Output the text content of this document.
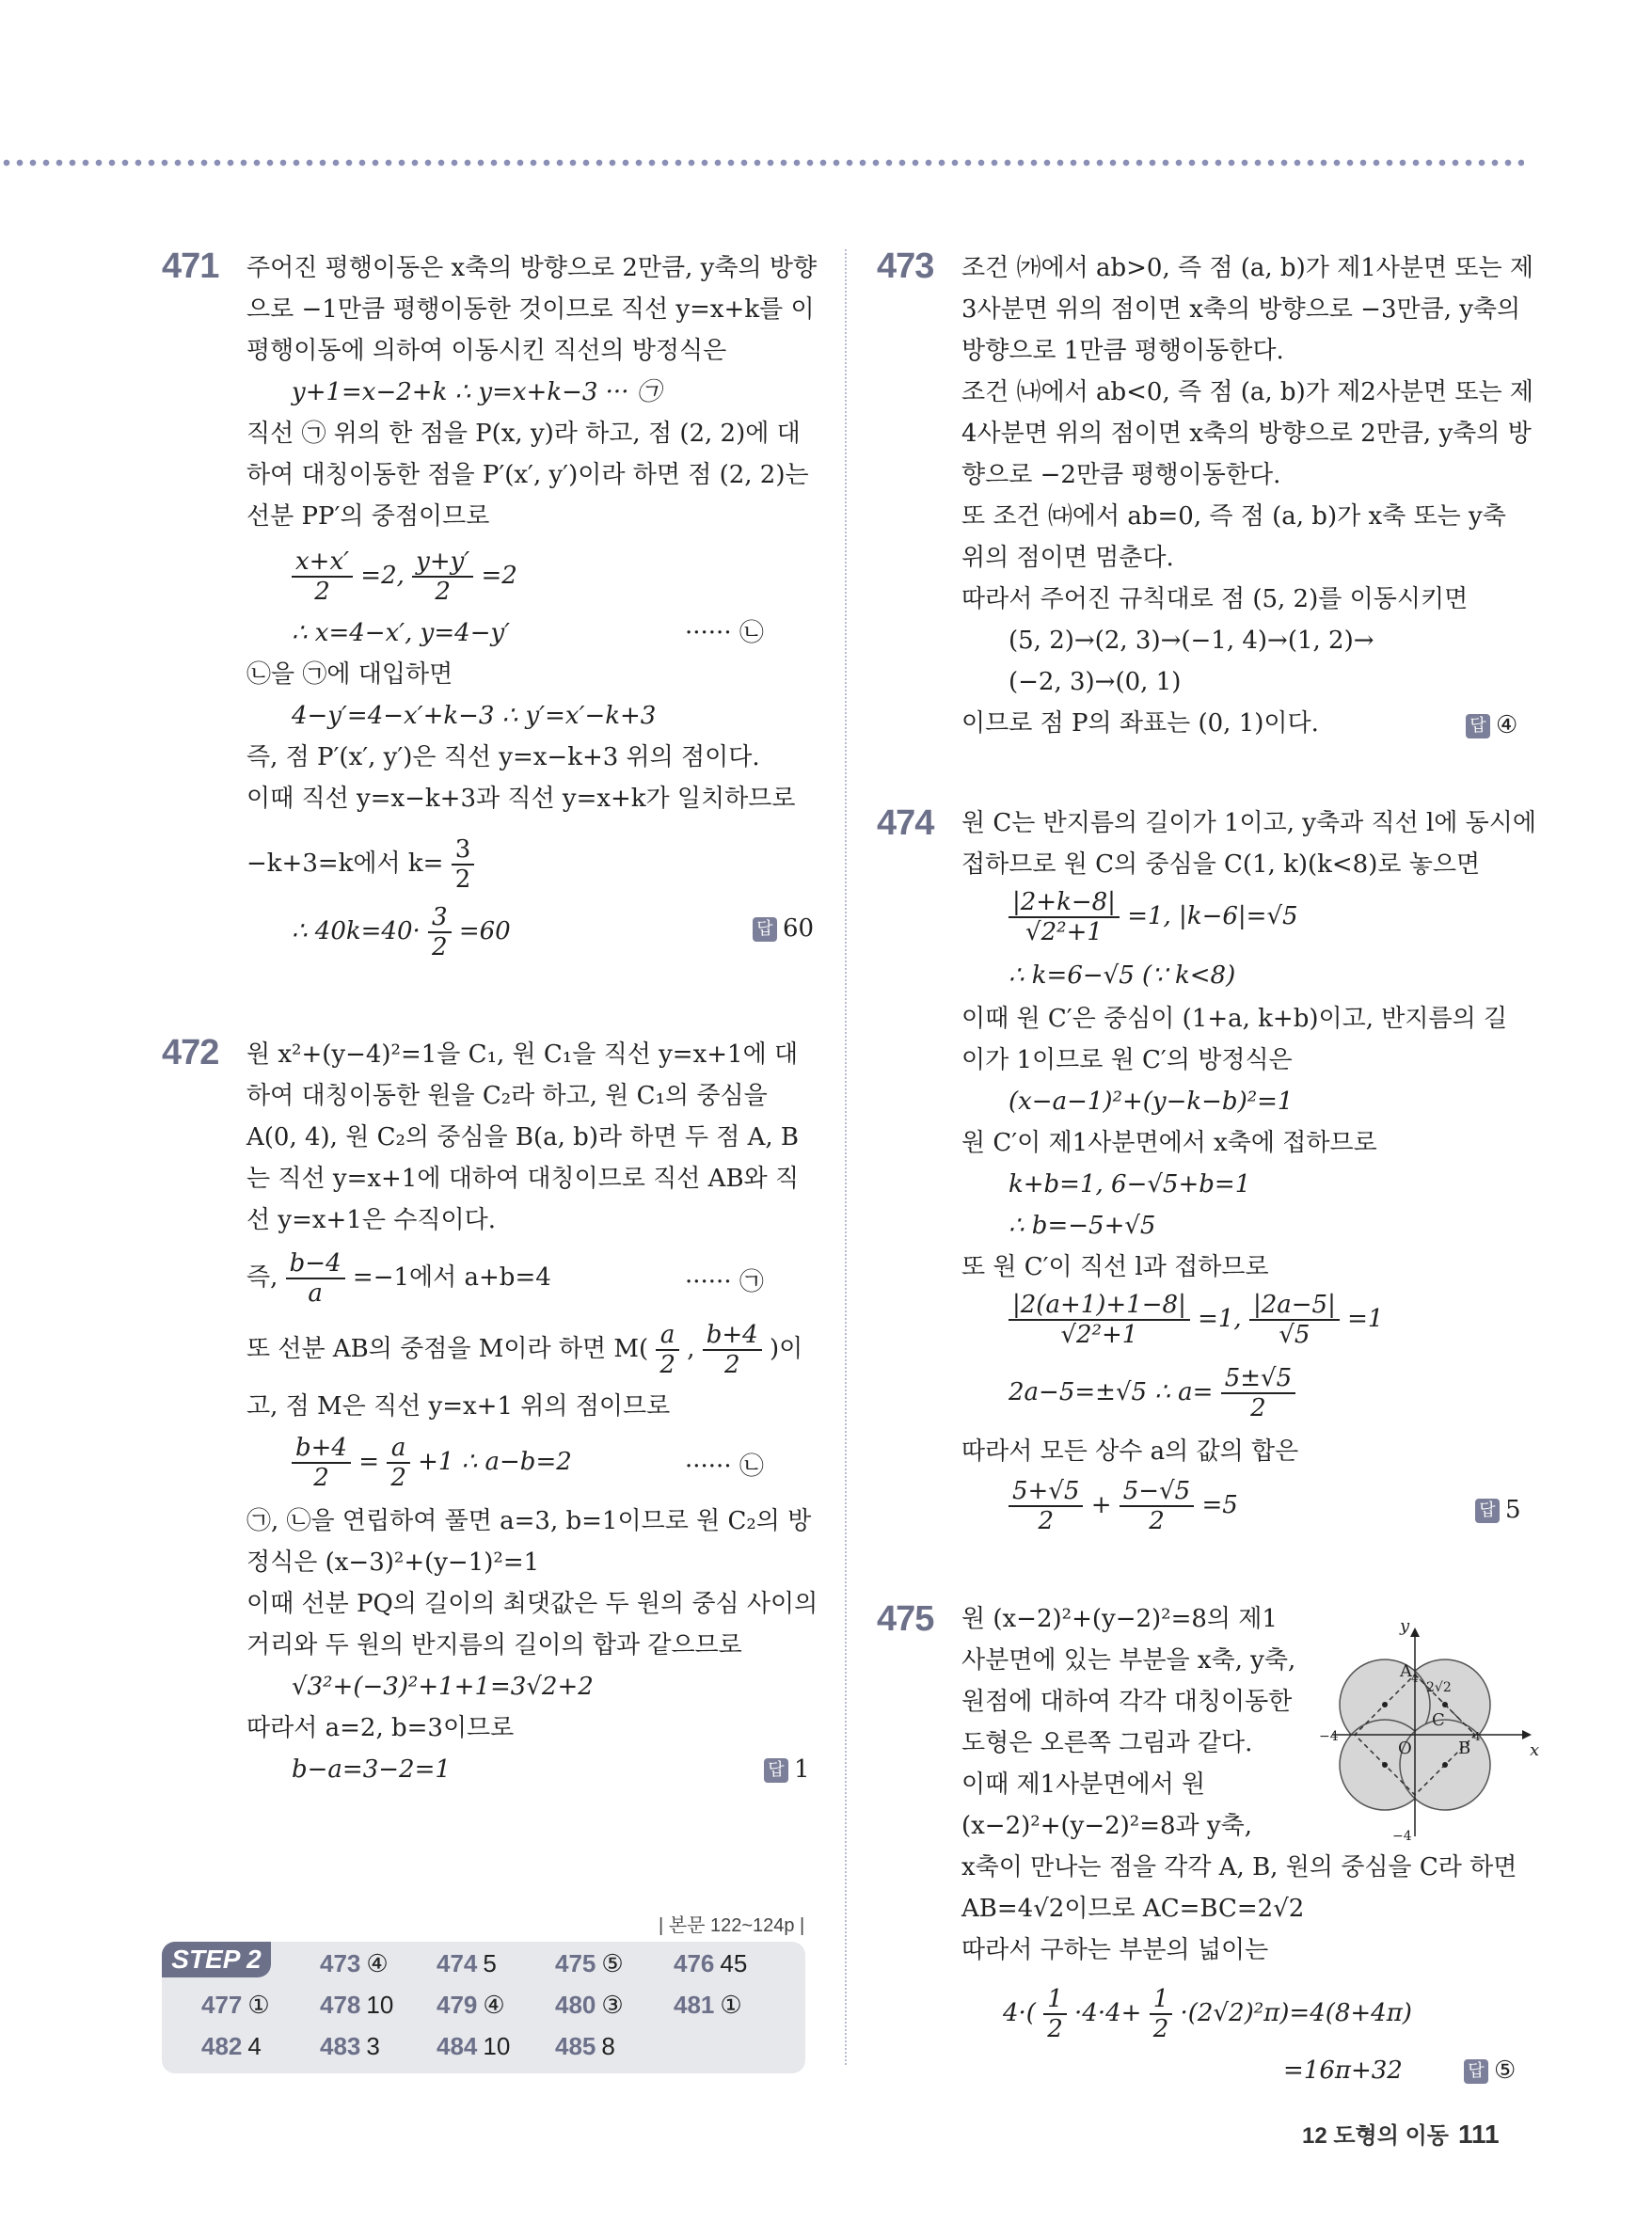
471 주어진 평행이동은 x축의 방향으로 2만큼, y축의 방향
으로 −1만큼 평행이동한 것이므로 직선 y=x+k를 이
평행이동에 의하여 이동시킨 직선의 방정식은
y+1=x−2+k ∴ y=x+k−3 ··· ㉠
직선 ㉠ 위의 한 점을 P(x, y)라 하고, 점 (2, 2)에 대
하여 대칭이동한 점을 P′(x′, y′)이라 하면 점 (2, 2)는
선분 PP′의 중점이므로
$\frac{x+x'}{2} =2$, $\frac{y+y'}{2} =2$
∴ x=4−x′, y=4−y′	······ ㉡
㉡을 ㉠에 대입하면
4−y′=4−x′+k−3 ∴ y′=x′−k+3
즉, 점 P′(x′, y′)은 직선 y=x−k+3 위의 점이다.
이때 직선 y=x−k+3과 직선 y=x+k가 일치하므로
−k+3=k에서 $k= \frac{3}{2}$
∴ $40k=40\cdot \frac{3}{2} =60$	답 60
472 원 x²+(y−4)²=1을 C₁, 원 C₁을 직선 y=x+1에 대
하여 대칭이동한 원을 C₂라 하고, 원 C₁의 중심을
A(0, 4), 원 C₂의 중심을 B(a, b)라 하면 두 점 A, B
는 직선 y=x+1에 대하여 대칭이므로 직선 AB와 직
선 y=x+1은 수직이다.
즉, $\frac{b-4}{a} =-1$에서 a+b=4	······ ㉠
또 선분 AB의 중점을 M이라 하면 $M( \frac{a}{2}$ , $\frac{b+4}{2}$ )이
고, 점 M은 직선 y=x+1 위의 점이므로
$\frac{b+4}{2} = \frac{a}{2} +1$ ∴ a−b=2	······ ㉡
㉠, ㉡을 연립하여 풀면 a=3, b=1이므로 원 C₂의 방
정식은 (x−3)²+(y−1)²=1
이때 선분 PQ의 길이의 최댓값은 두 원의 중심 사이의
거리와 두 원의 반지름의 길이의 합과 같으므로
√3²+(−3)²+1+1=3√2+2
따라서 a=2, b=3이므로
b−a=3−2=1	답 1
| 본문 122~124p |
STEP 2	473 ④ 474 5 475 ⑤ 476 45
477 ① 478 10 479 ④ 480 ③ 481 ①
482 4 483 3 484 10 485 8
473 조건 ㈎에서 ab>0, 즉 점 (a, b)가 제1사분면 또는 제
3사분면 위의 점이면 x축의 방향으로 −3만큼, y축의
방향으로 1만큼 평행이동한다.
조건 ㈏에서 ab<0, 즉 점 (a, b)가 제2사분면 또는 제
4사분면 위의 점이면 x축의 방향으로 2만큼, y축의 방
향으로 −2만큼 평행이동한다.
또 조건 ㈐에서 ab=0, 즉 점 (a, b)가 x축 또는 y축
위의 점이면 멈춘다.
따라서 주어진 규칙대로 점 (5, 2)를 이동시키면
(5, 2)→(2, 3)→(−1, 4)→(1, 2)→
(−2, 3)→(0, 1)
이므로 점 P의 좌표는 (0, 1)이다.	답 ④
474 원 C는 반지름의 길이가 1이고, y축과 직선 l에 동시에
접하므로 원 C의 중심을 C(1, k)(k<8)로 놓으면
$\frac{|2+k-8|}{\text{√2²+1}} =1$, |k−6|=√5
∴ k=6−√5 (∵ k<8)
이때 원 C′은 중심이 (1+a, k+b)이고, 반지름의 길
이가 1이므로 원 C′의 방정식은
(x−a−1)²+(y−k−b)²=1
원 C′이 제1사분면에서 x축에 접하므로
k+b=1, 6−√5+b=1
∴ b=−5+√5
또 원 C′이 직선 l과 접하므로
$\frac{|2(a+1)+1-8|}{\text{√2²+1}} =1$, $\frac{|2a-5|}{√5} =1$
2a−5=±√5 ∴ $a= \frac{5\pm√5}{2}$
따라서 모든 상수 a의 값의 합은
$\frac{5+√5}{2} + \frac{5-√5}{2} =5$	답 5
475 원 (x−2)²+(y−2)²=8의 제1
사분면에 있는 부분을 x축, y축,
원점에 대하여 각각 대칭이동한
도형은 오른쪽 그림과 같다.
이때 제1사분면에서 원
(x−2)²+(y−2)²=8과 y축,
x축이 만나는 점을 각각 A, B, 원의 중심을 C라 하면
AB=4√2이므로 AC=BC=2√2
따라서 구하는 부분의 넓이는
$4\cdot( \frac{1}{2} \cdot 4\cdot 4+ \frac{1}{2} \cdot(2√2)^2\pi)=4(8+4\pi)$
=16π+32	답 ⑤
y
x
A 4
B
4
O
C
−4
−4
2√2
12 도형의 이동 111
